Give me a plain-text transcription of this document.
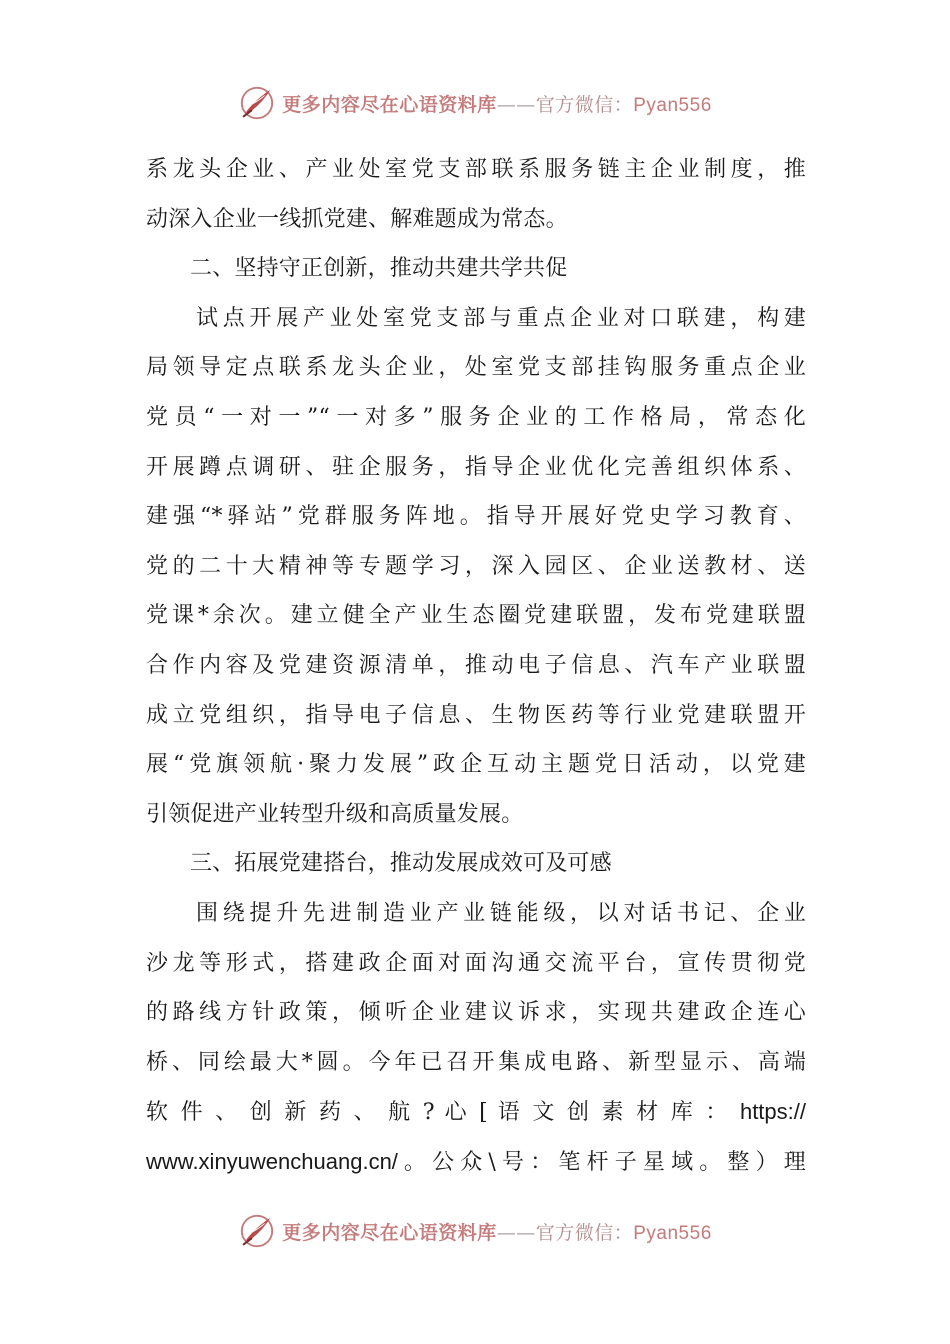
更多内容尽在心语资料库——官方微信：Pyan556
系龙头企业、产业处室党支部联系服务链主企业制度，推
动深入企业一线抓党建、解难题成为常态。
二、坚持守正创新，推动共建共学共促
试点开展产业处室党支部与重点企业对口联建，构建
局领导定点联系龙头企业，处室党支部挂钩服务重点企业
党员“一对一”“一对多”服务企业的工作格局，常态化
开展蹲点调研、驻企服务，指导企业优化完善组织体系、
建强“*驿站”党群服务阵地。指导开展好党史学习教育、
党的二十大精神等专题学习，深入园区、企业送教材、送
党课*余次。建立健全产业生态圈党建联盟，发布党建联盟
合作内容及党建资源清单，推动电子信息、汽车产业联盟
成立党组织，指导电子信息、生物医药等行业党建联盟开
展“党旗领航·聚力发展”政企互动主题党日活动，以党建
引领促进产业转型升级和高质量发展。
三、拓展党建搭台，推动发展成效可及可感
围绕提升先进制造业产业链能级，以对话书记、企业
沙龙等形式，搭建政企面对面沟通交流平台，宣传贯彻党
的路线方针政策，倾听企业建议诉求，实现共建政企连心
桥、同绘最大*圆。今年已召开集成电路、新型显示、高端
软 件 、 创 新 药 、 航 ? 心 [ 语 文 创 素 材 库 ： https://
www.xinyuwenchuang.cn/。公众\号：笔杆子星域。整）理
更多内容尽在心语资料库——官方微信：Pyan556
